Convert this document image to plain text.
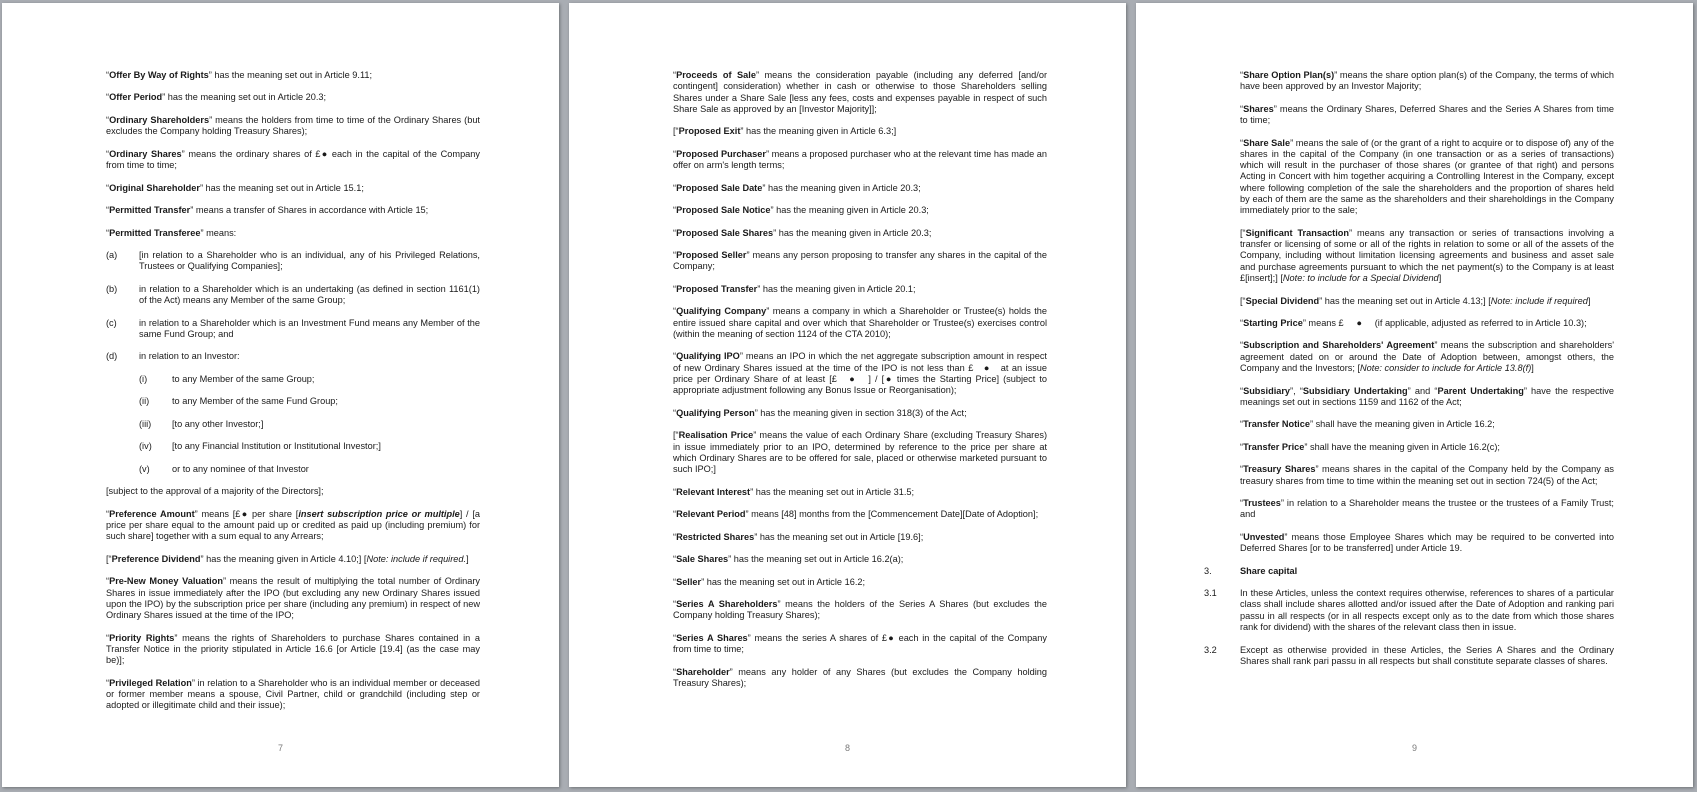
“Offer By Way of Rights” has the meaning set out in Article 9.11;

“Offer Period” has the meaning set out in Article 20.3;

“Ordinary Shareholders” means the holders from time to time of the Ordinary Shares (but excludes the Company holding Treasury Shares);

“Ordinary Shares” means the ordinary shares of £● each in the capital of the Company from time to time;

“Original Shareholder” has the meaning set out in Article 15.1;

“Permitted Transfer” means a transfer of Shares in accordance with Article 15;

“Permitted Transferee” means:

(a)	[in relation to a Shareholder who is an individual, any of his Privileged Relations, Trustees or Qualifying Companies];
(b)	in relation to a Shareholder which is an undertaking (as defined in section 1161(1) of the Act) means any Member of the same Group;
(c)	in relation to a Shareholder which is an Investment Fund means any Member of the same Fund Group; and
(d)	in relation to an Investor:
(i)	to any Member of the same Group;
(ii)	to any Member of the same Fund Group;
(iii)	[to any other Investor;]
(iv)	[to any Financial Institution or Institutional Investor;]
(v)	or to any nominee of that Investor

[subject to the approval of a majority of the Directors];

“Preference Amount” means [£● per share [insert subscription price or multiple] / [a price per share equal to the amount paid up or credited as paid up (including premium) for such share] together with a sum equal to any Arrears;

[“Preference Dividend” has the meaning given in Article 4.10;] [Note: include if required.]

“Pre-New Money Valuation” means the result of multiplying the total number of Ordinary Shares in issue immediately after the IPO (but excluding any new Ordinary Shares issued upon the IPO) by the subscription price per share (including any premium) in respect of new Ordinary Shares issued at the time of the IPO;

“Priority Rights” means the rights of Shareholders to purchase Shares contained in a Transfer Notice in the priority stipulated in Article 16.6 [or Article [19.4] (as the case may be)];

“Privileged Relation” in relation to a Shareholder who is an individual member or deceased or former member means a spouse, Civil Partner, child or grandchild (including step or adopted or illegitimate child and their issue);

7

“Proceeds of Sale” means the consideration payable (including any deferred [and/or contingent] consideration) whether in cash or otherwise to those Shareholders selling Shares under a Share Sale [less any fees, costs and expenses payable in respect of such Share Sale as approved by an [Investor Majority]];

[“Proposed Exit” has the meaning given in Article 6.3;]

“Proposed Purchaser” means a proposed purchaser who at the relevant time has made an offer on arm's length terms;

“Proposed Sale Date” has the meaning given in Article 20.3;

“Proposed Sale Notice” has the meaning given in Article 20.3;

“Proposed Sale Shares” has the meaning given in Article 20.3;

“Proposed Seller” means any person proposing to transfer any shares in the capital of the Company;

“Proposed Transfer” has the meaning given in Article 20.1;

“Qualifying Company” means a company in which a Shareholder or Trustee(s) holds the entire issued share capital and over which that Shareholder or Trustee(s) exercises control (within the meaning of section 1124 of the CTA 2010);

“Qualifying IPO” means an IPO in which the net aggregate subscription amount in respect of new Ordinary Shares issued at the time of the IPO is not less than £   ●   at an issue price per Ordinary Share of at least [£   ●   ] / [● times the Starting Price] (subject to appropriate adjustment following any Bonus Issue or Reorganisation);

“Qualifying Person” has the meaning given in section 318(3) of the Act;

[“Realisation Price” means the value of each Ordinary Share (excluding Treasury Shares) in issue immediately prior to an IPO, determined by reference to the price per share at which Ordinary Shares are to be offered for sale, placed or otherwise marketed pursuant to such IPO;]

“Relevant Interest” has the meaning set out in Article 31.5;

“Relevant Period” means [48] months from the [Commencement Date][Date of Adoption];

“Restricted Shares” has the meaning set out in Article [19.6];

“Sale Shares” has the meaning set out in Article 16.2(a);

“Seller” has the meaning set out in Article 16.2;

“Series A Shareholders” means the holders of the Series A Shares (but excludes the Company holding Treasury Shares);

“Series A Shares” means the series A shares of £● each in the capital of the Company from time to time;

“Shareholder” means any holder of any Shares (but excludes the Company holding Treasury Shares);

8

“Share Option Plan(s)” means the share option plan(s) of the Company, the terms of which have been approved by an Investor Majority;

“Shares” means the Ordinary Shares, Deferred Shares and the Series A Shares from time to time;

“Share Sale” means the sale of (or the grant of a right to acquire or to dispose of) any of the shares in the capital of the Company (in one transaction or as a series of transactions) which will result in the purchaser of those shares (or grantee of that right) and persons Acting in Concert with him together acquiring a Controlling Interest in the Company, except where following completion of the sale the shareholders and the proportion of shares held by each of them are the same as the shareholders and their shareholdings in the Company immediately prior to the sale;

[“Significant Transaction” means any transaction or series of transactions involving a transfer or licensing of some or all of the rights in relation to some or all of the assets of the Company, including without limitation licensing agreements and business and asset sale and purchase agreements pursuant to which the net payment(s) to the Company is at least £[insert];] [Note: to include for a Special Dividend]

[“Special Dividend” has the meaning set out in Article 4.13;] [Note: include if required]

“Starting Price” means £     ●     (if applicable, adjusted as referred to in Article 10.3);

“Subscription and Shareholders' Agreement” means the subscription and shareholders' agreement dated on or around the Date of Adoption between, amongst others, the Company and the Investors; [Note: consider to include for Article 13.8(f)]

“Subsidiary”, “Subsidiary Undertaking” and “Parent Undertaking” have the respective meanings set out in sections 1159 and 1162 of the Act;

“Transfer Notice” shall have the meaning given in Article 16.2;

“Transfer Price” shall have the meaning given in Article 16.2(c);

“Treasury Shares” means shares in the capital of the Company held by the Company as treasury shares from time to time within the meaning set out in section 724(5) of the Act;

“Trustees” in relation to a Shareholder means the trustee or the trustees of a Family Trust; and

“Unvested” means those Employee Shares which may be required to be converted into Deferred Shares [or to be transferred] under Article 19.

3.	Share capital
3.1	In these Articles, unless the context requires otherwise, references to shares of a particular class shall include shares allotted and/or issued after the Date of Adoption and ranking pari passu in all respects (or in all respects except only as to the date from which those shares rank for dividend) with the shares of the relevant class then in issue.
3.2	Except as otherwise provided in these Articles, the Series A Shares and the Ordinary Shares shall rank pari passu in all respects but shall constitute separate classes of shares.
9
